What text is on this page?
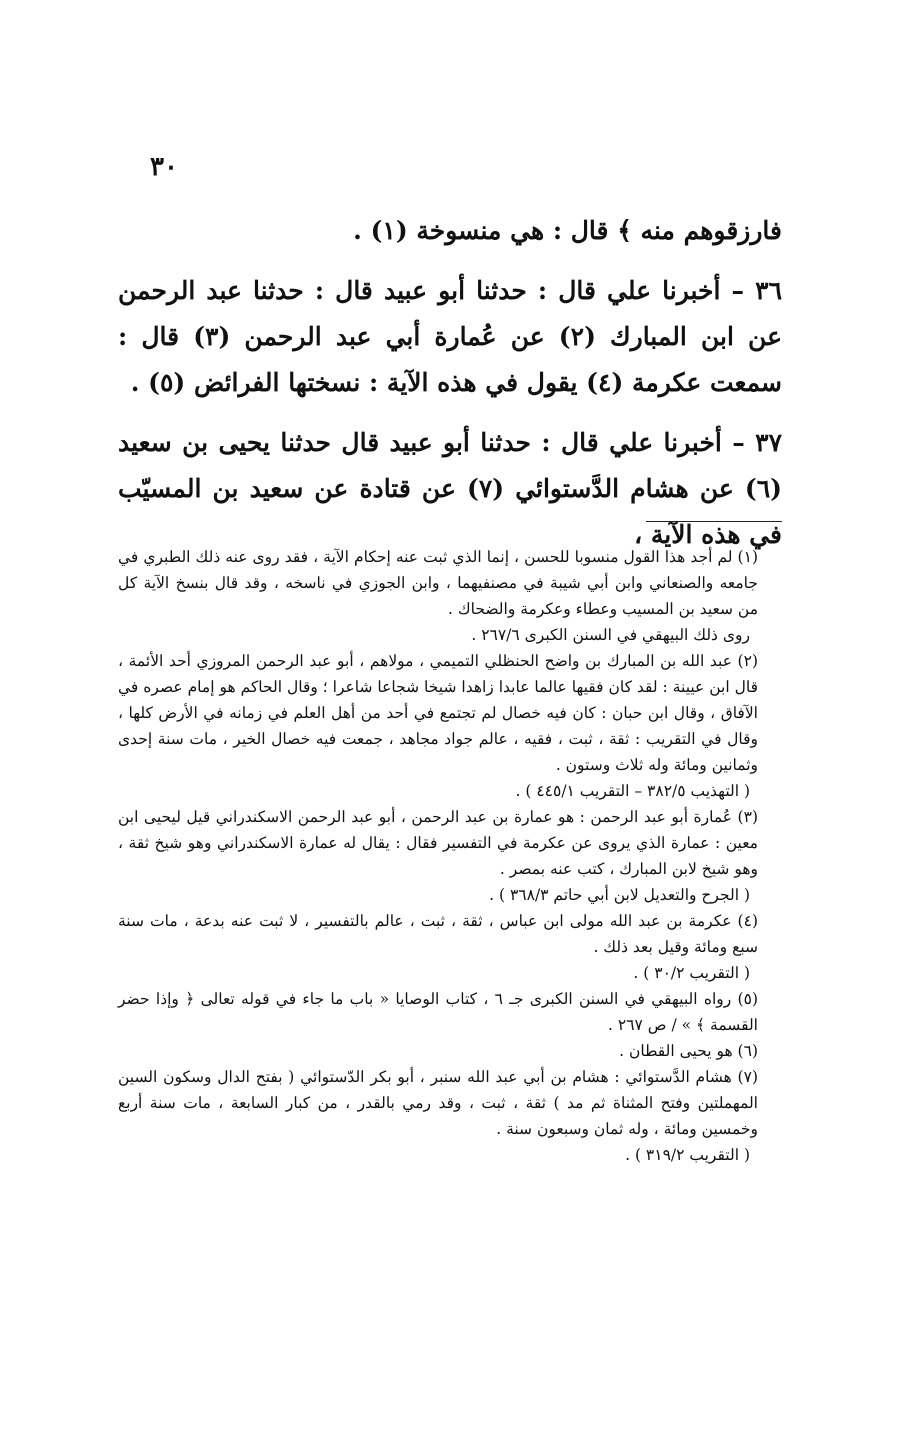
٣٠

فارزقوهم منه ﴾ قال : هي منسوخة (١) .

٣٦ – أخبرنا علي قال : حدثنا أبو عبيد قال : حدثنا عبد الرحمن عن ابن المبارك (٢) عن عُمارة أبي عبد الرحمن (٣) قال : سمعت عكرمة (٤) يقول في هذه الآية : نسختها الفرائض (٥) .

٣٧ – أخبرنا علي قال : حدثنا أبو عبيد قال حدثنا يحيى بن سعيد (٦) عن هشام الدَّستوائي (٧) عن قتادة عن سعيد بن المسيّب في هذه الآية ،

(١) لم أجد هذا القول منسوبا للحسن ، إنما الذي ثبت عنه إحكام الآية ، فقد روى عنه ذلك الطبري في جامعه والصنعاني وابن أبي شيبة في مصنفيهما ، وابن الجوزي في ناسخه ، وقد قال بنسخ الآية كل من سعيد بن المسيب وعطاء وعكرمة والضحاك .

روى ذلك البيهقي في السنن الكبرى ٢٦٧/٦ .

(٢) عبد الله بن المبارك بن واضح الحنظلي التميمي ، مولاهم ، أبو عبد الرحمن المروزي أحد الأئمة ، قال ابن عيينة : لقد كان فقيها عالما عابدا زاهدا شيخا شجاعا شاعرا ؛ وقال الحاكم هو إمام عصره في الآفاق ، وقال ابن حبان : كان فيه خصال لم تجتمع في أحد من أهل العلم في زمانه في الأرض كلها ، وقال في التقريب : ثقة ، ثبت ، فقيه ، عالم جواد مجاهد ، جمعت فيه خصال الخير ، مات سنة إحدى وثمانين ومائة وله ثلاث وستون .

( التهذيب ٣٨٢/٥ – التقريب ٤٤٥/١ ) .

(٣) عُمارة أبو عبد الرحمن : هو عمارة بن عبد الرحمن ، أبو عبد الرحمن الاسكندراني قيل ليحيى ابن معين : عمارة الذي يروى عن عكرمة في التفسير فقال : يقال له عمارة الاسكندراني وهو شيخ ثقة ، وهو شيخ لابن المبارك ، كتب عنه بمصر .

( الجرح والتعديل لابن أبي حاتم ٣٦٨/٣ ) .

(٤) عكرمة بن عبد الله مولى ابن عباس ، ثقة ، ثبت ، عالم بالتفسير ، لا ثبت عنه بدعة ، مات سنة سبع ومائة وقيل بعد ذلك .

( التقريب ٣٠/٢ ) .

(٥) رواه البيهقي في السنن الكبرى جـ ٦ ، كتاب الوصايا « باب ما جاء في قوله تعالى ﴿ وإذا حضر القسمة ﴾ » / ص ٢٦٧ .

(٦) هو يحيى القطان .

(٧) هشام الدَّستوائي : هشام بن أبي عبد الله سنبر ، أبو بكر الدّستوائي ( بفتح الدال وسكون السين المهملتين وفتح المثناة ثم مد ) ثقة ، ثبت ، وقد رمي بالقدر ، من كبار السابعة ، مات سنة أربع وخمسين ومائة ، وله ثمان وسبعون سنة .

( التقريب ٣١٩/٢ ) .
